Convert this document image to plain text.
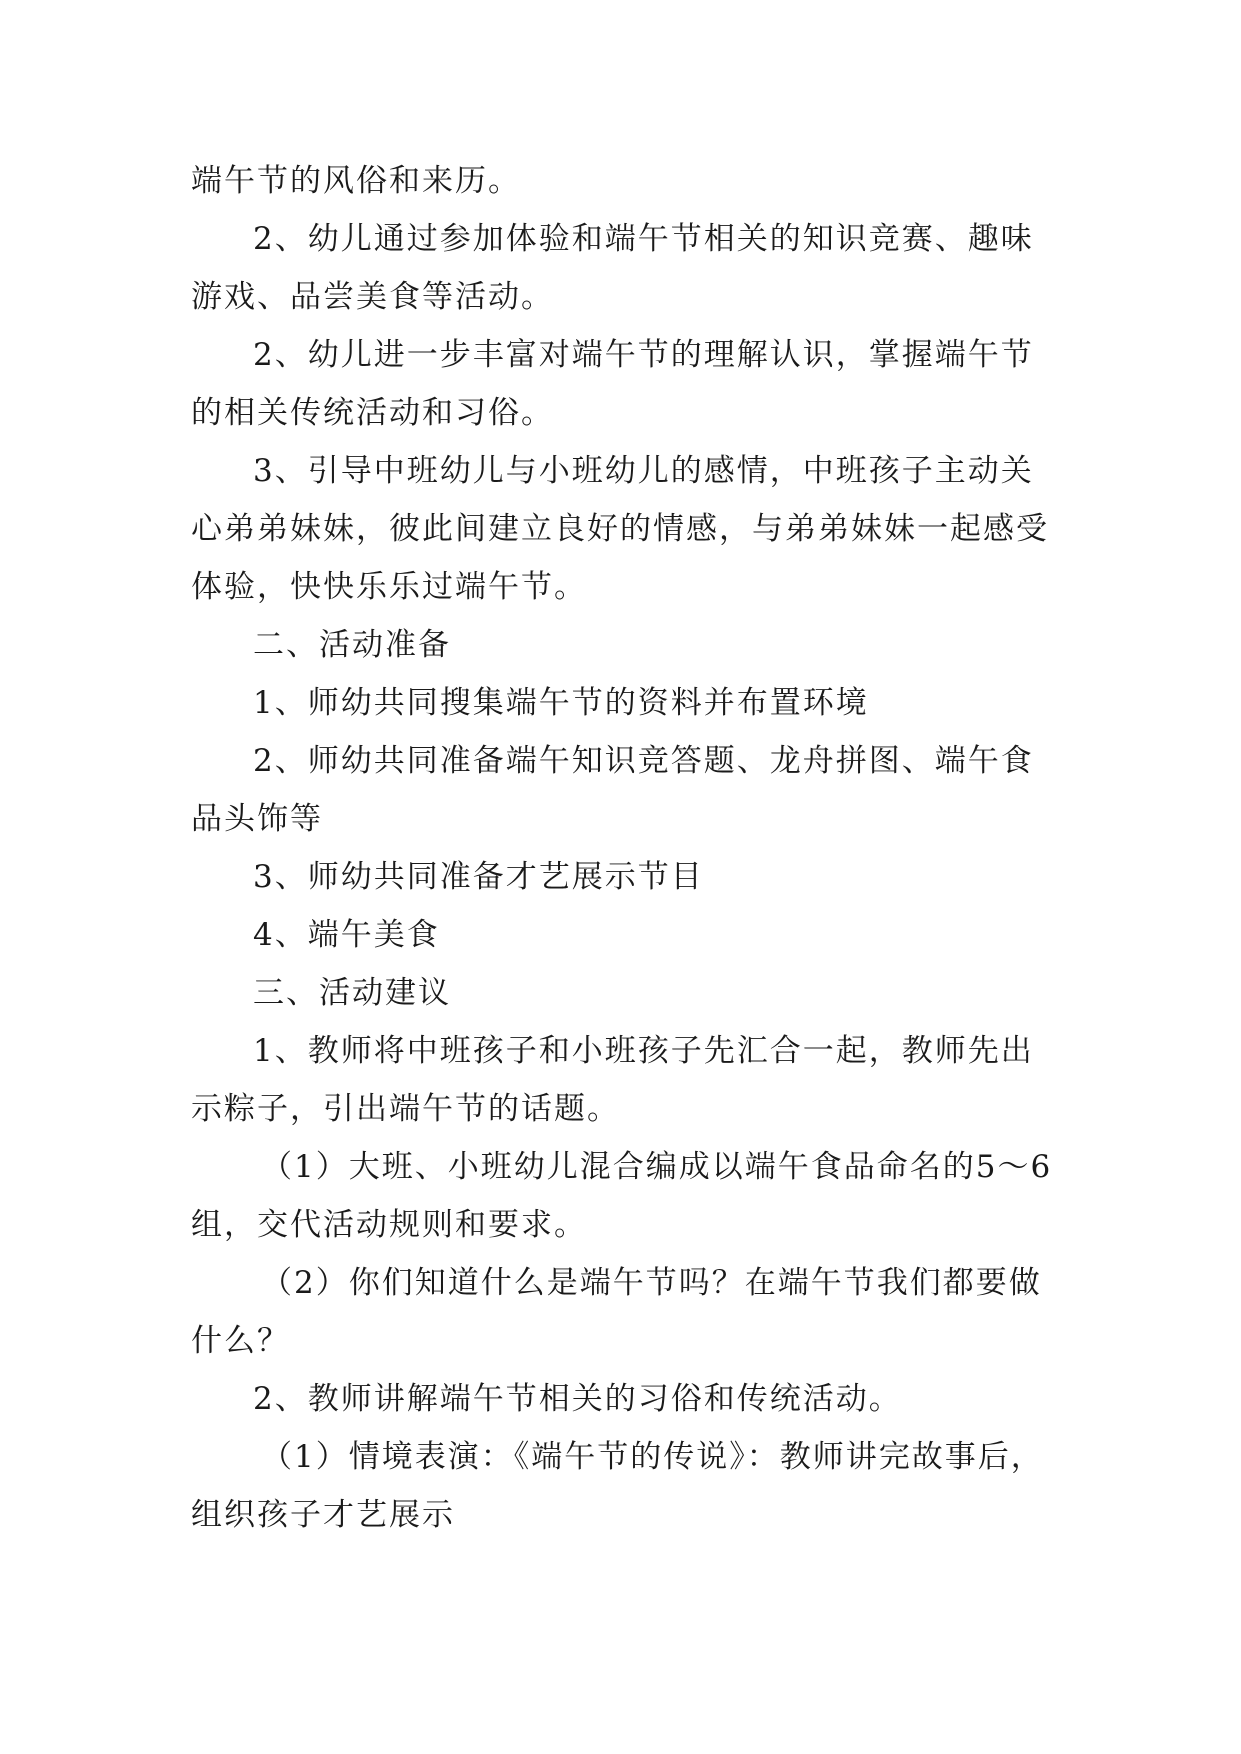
端午节的风俗和来历。
2、幼儿通过参加体验和端午节相关的知识竞赛、趣味
游戏、品尝美食等活动。
2、幼儿进一步丰富对端午节的理解认识，掌握端午节
的相关传统活动和习俗。
3、引导中班幼儿与小班幼儿的感情，中班孩子主动关
心弟弟妹妹，彼此间建立良好的情感，与弟弟妹妹一起感受
体验，快快乐乐过端午节。
二、活动准备
1、师幼共同搜集端午节的资料并布置环境
2、师幼共同准备端午知识竞答题、龙舟拼图、端午食
品头饰等
3、师幼共同准备才艺展示节目
4、端午美食
三、活动建议
1、教师将中班孩子和小班孩子先汇合一起，教师先出
示粽子，引出端午节的话题。
（1）大班、小班幼儿混合编成以端午食品命名的5～6
组，交代活动规则和要求。
（2）你们知道什么是端午节吗？在端午节我们都要做
什么？
2、教师讲解端午节相关的习俗和传统活动。
（1）情境表演：《端午节的传说》：教师讲完故事后，
组织孩子才艺展示
